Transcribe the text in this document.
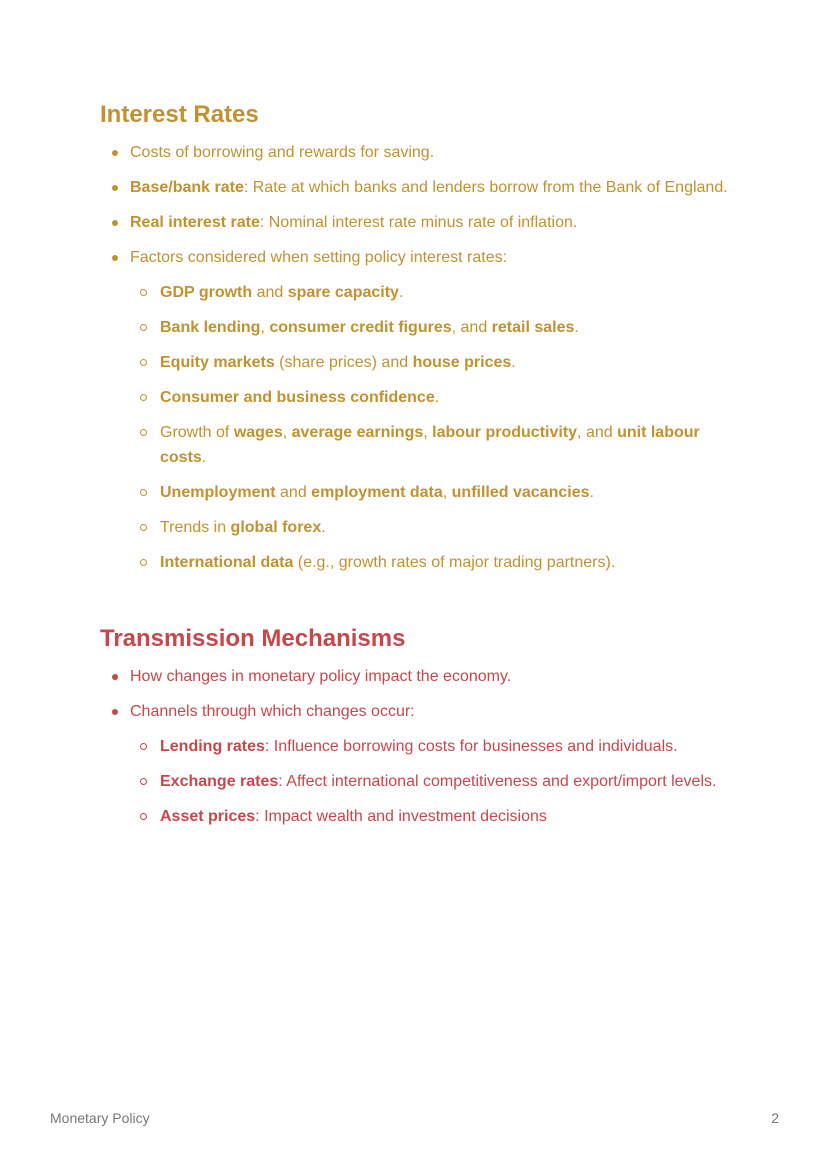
Interest Rates
Costs of borrowing and rewards for saving.
Base/bank rate: Rate at which banks and lenders borrow from the Bank of England.
Real interest rate: Nominal interest rate minus rate of inflation.
Factors considered when setting policy interest rates:
GDP growth and spare capacity.
Bank lending, consumer credit figures, and retail sales.
Equity markets (share prices) and house prices.
Consumer and business confidence.
Growth of wages, average earnings, labour productivity, and unit labour costs.
Unemployment and employment data, unfilled vacancies.
Trends in global forex.
International data (e.g., growth rates of major trading partners).
Transmission Mechanisms
How changes in monetary policy impact the economy.
Channels through which changes occur:
Lending rates: Influence borrowing costs for businesses and individuals.
Exchange rates: Affect international competitiveness and export/import levels.
Asset prices: Impact wealth and investment decisions
Monetary Policy	2
